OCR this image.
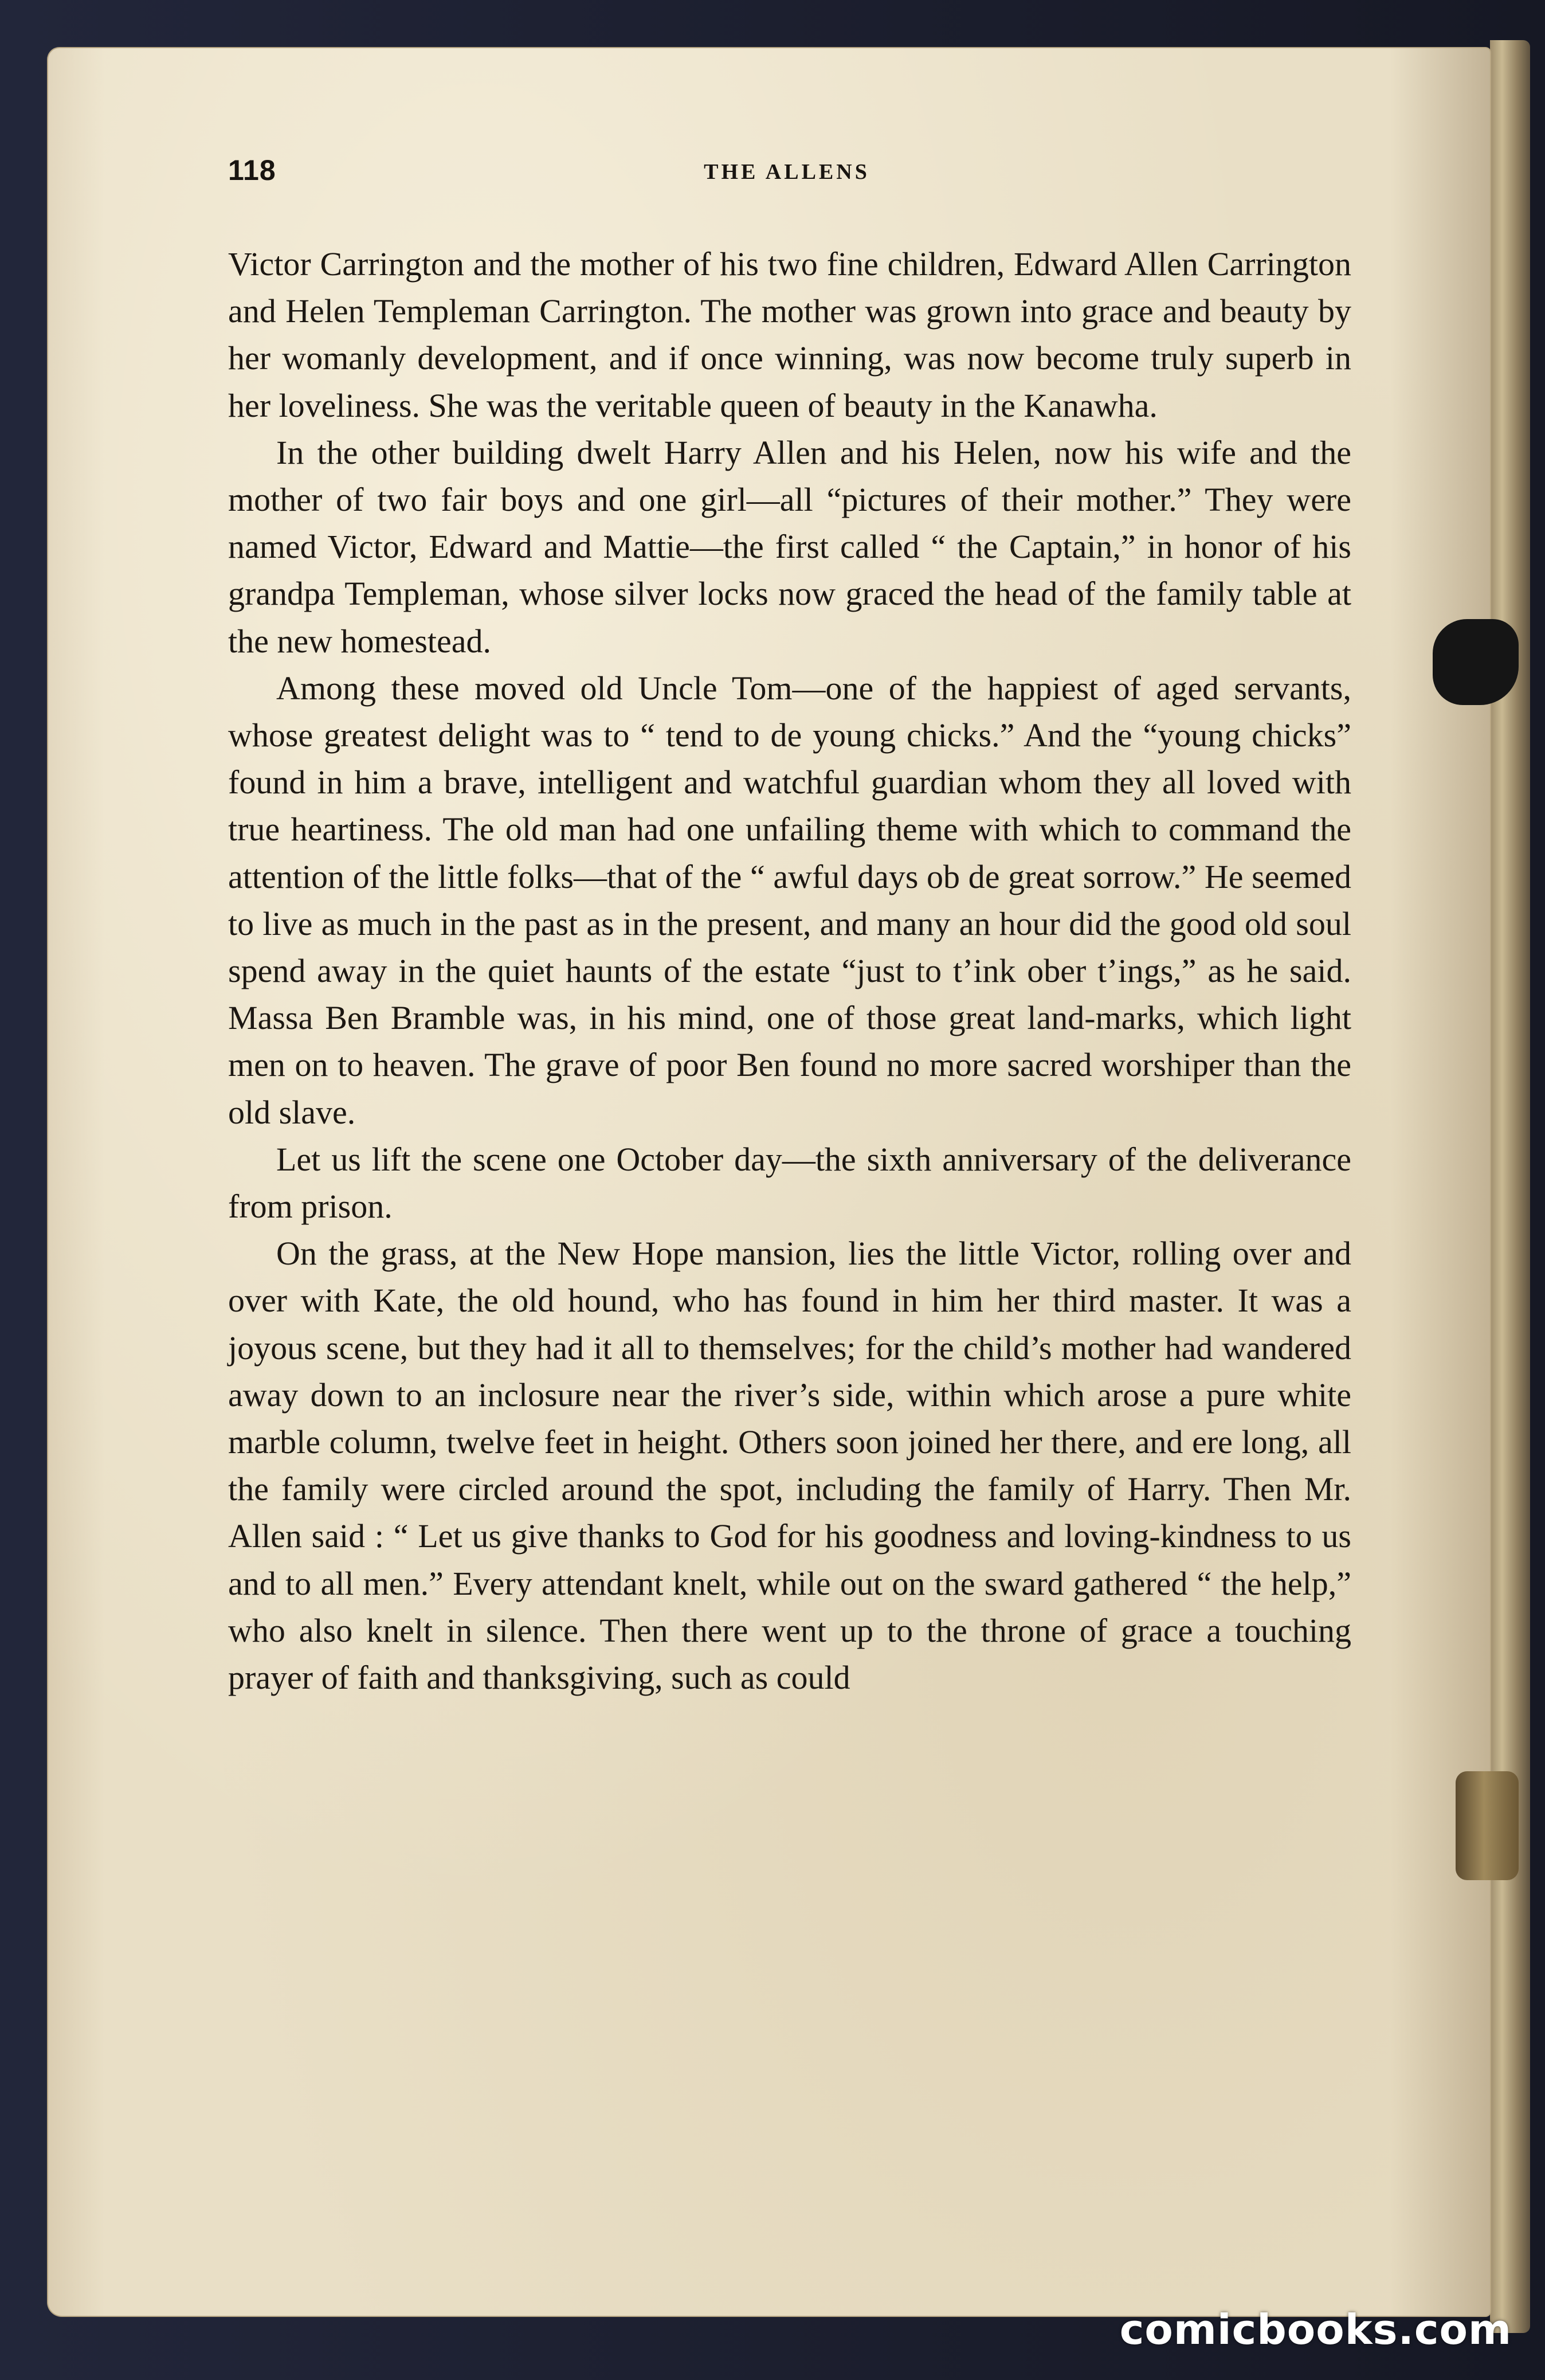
118	THE ALLENS

Victor Carrington and the mother of his two fine children, Edward Allen Carrington and Helen Templeman Carrington. The mother was grown into grace and beauty by her womanly development, and if once winning, was now become truly superb in her loveliness. She was the veritable queen of beauty in the Kanawha.

In the other building dwelt Harry Allen and his Helen, now his wife and the mother of two fair boys and one girl—all “pictures of their mother.” They were named Victor, Edward and Mattie—the first called “ the Captain,” in honor of his grandpa Templeman, whose silver locks now graced the head of the family table at the new homestead.

Among these moved old Uncle Tom—one of the happiest of aged servants, whose greatest delight was to “ tend to de young chicks.” And the “young chicks” found in him a brave, intelligent and watchful guardian whom they all loved with true heartiness. The old man had one unfailing theme with which to command the attention of the little folks—that of the “ awful days ob de great sorrow.” He seemed to live as much in the past as in the present, and many an hour did the good old soul spend away in the quiet haunts of the estate “just to t’ink ober t’ings,” as he said. Massa Ben Bramble was, in his mind, one of those great land-marks, which light men on to heaven. The grave of poor Ben found no more sacred worshiper than the old slave.

Let us lift the scene one October day—the sixth anniversary of the deliverance from prison.

On the grass, at the New Hope mansion, lies the little Victor, rolling over and over with Kate, the old hound, who has found in him her third master. It was a joyous scene, but they had it all to themselves; for the child’s mother had wandered away down to an inclosure near the river’s side, within which arose a pure white marble column, twelve feet in height. Others soon joined her there, and ere long, all the family were circled around the spot, including the family of Harry. Then Mr. Allen said : “ Let us give thanks to God for his goodness and loving-kindness to us and to all men.” Every attendant knelt, while out on the sward gathered “ the help,” who also knelt in silence. Then there went up to the throne of grace a touching prayer of faith and thanksgiving, such as could

comicbooks.com
